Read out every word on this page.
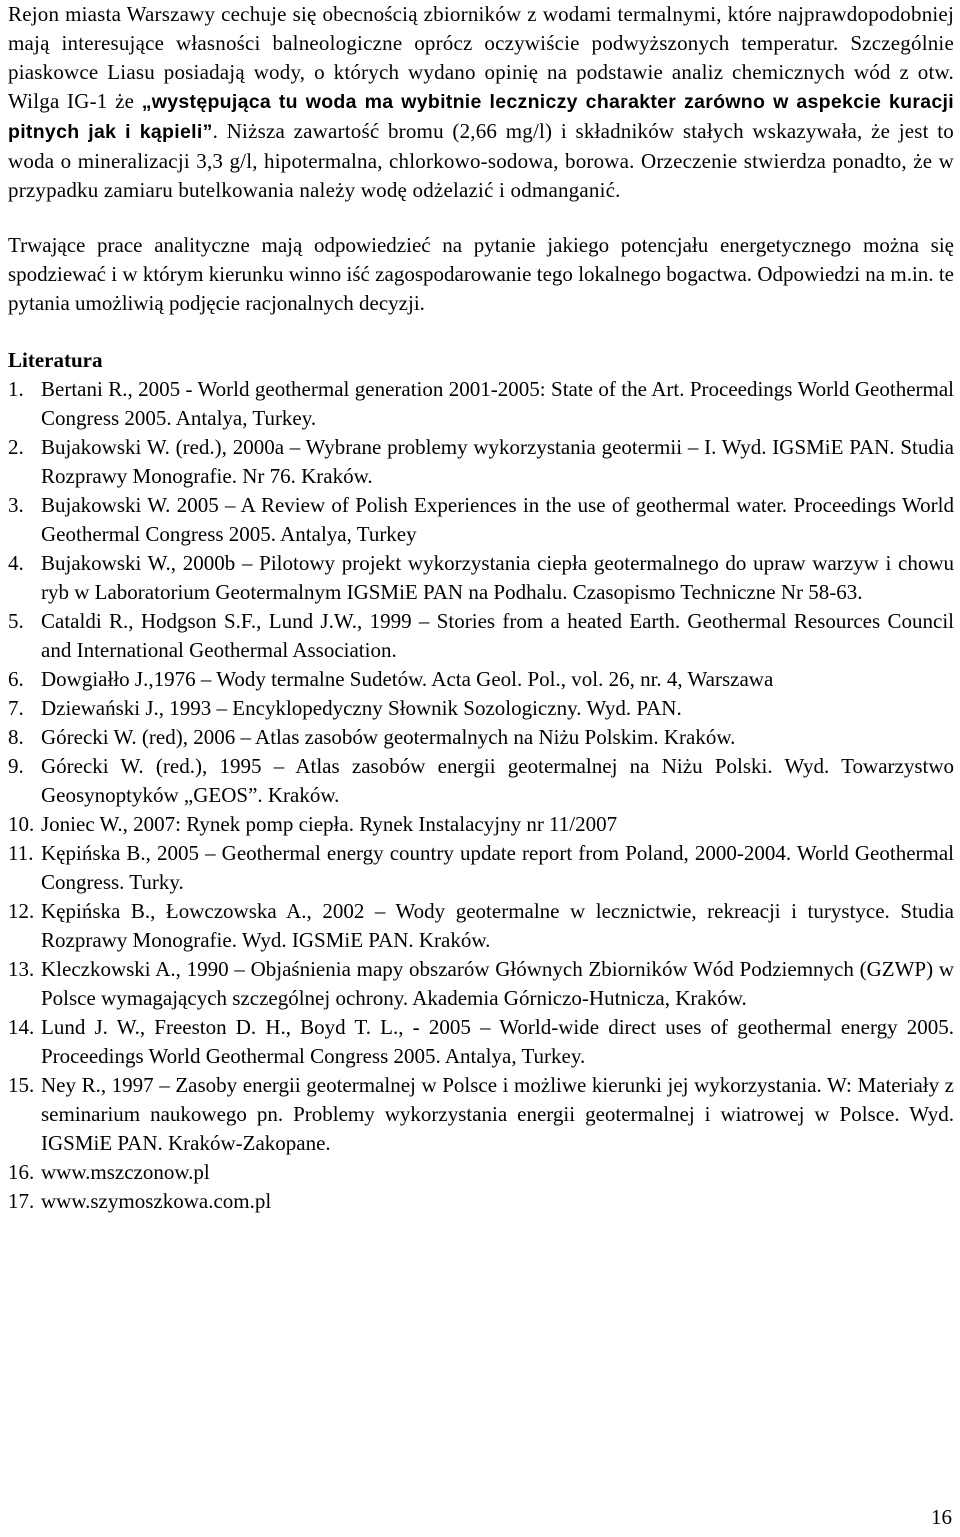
Rejon miasta Warszawy cechuje się obecnością zbiorników z wodami termalnymi, które najprawdopodobniej mają interesujące własności balneologiczne oprócz oczywiście podwyższonych temperatur. Szczególnie piaskowce Liasu posiadają wody, o których wydano opinię na podstawie analiz chemicznych wód z otw. Wilga IG-1 że „występująca tu woda ma wybitnie leczniczy charakter zarówno w aspekcie kuracji pitnych jak i kąpieli”. Niższa zawartość bromu (2,66 mg/l) i składników stałych wskazywała, że jest to woda o mineralizacji 3,3 g/l, hipotermalna, chlorkowo-sodowa, borowa. Orzeczenie stwierdza ponadto, że w przypadku zamiaru butelkowania należy wodę odżelazić i odmanganić.

Trwające prace analityczne mają odpowiedzieć na pytanie jakiego potencjału energetycznego można się spodziewać i w którym kierunku winno iść zagospodarowanie tego lokalnego bogactwa. Odpowiedzi na m.in. te pytania umożliwią podjęcie racjonalnych decyzji.

Literatura
1. Bertani R., 2005 - World geothermal generation 2001-2005: State of the Art. Proceedings World Geothermal Congress 2005. Antalya, Turkey.
2. Bujakowski W. (red.), 2000a – Wybrane problemy wykorzystania geotermii – I. Wyd. IGSMiE PAN. Studia Rozprawy Monografie. Nr 76. Kraków.
3. Bujakowski W. 2005 – A Review of Polish Experiences in the use of geothermal water. Proceedings World Geothermal Congress 2005. Antalya, Turkey
4. Bujakowski W., 2000b – Pilotowy projekt wykorzystania ciepła geotermalnego do upraw warzyw i chowu ryb w Laboratorium Geotermalnym IGSMiE PAN na Podhalu. Czasopismo Techniczne Nr 58-63.
5. Cataldi R., Hodgson S.F., Lund J.W., 1999 – Stories from a heated Earth. Geothermal Resources Council and International Geothermal Association.
6. Dowgiałło J.,1976 – Wody termalne Sudetów. Acta Geol. Pol., vol. 26, nr. 4, Warszawa
7. Dziewański J., 1993 – Encyklopedyczny Słownik Sozologiczny. Wyd. PAN.
8. Górecki W. (red), 2006 – Atlas zasobów geotermalnych na Niżu Polskim. Kraków.
9. Górecki W. (red.), 1995 – Atlas zasobów energii geotermalnej na Niżu Polski. Wyd. Towarzystwo Geosynoptyków „GEOS”. Kraków.
10. Joniec W., 2007: Rynek pomp ciepła. Rynek Instalacyjny nr 11/2007
11. Kępińska B., 2005 – Geothermal energy country update report from Poland, 2000-2004. World Geothermal Congress. Turky.
12. Kępińska B., Łowczowska A., 2002 – Wody geotermalne w lecznictwie, rekreacji i turystyce. Studia Rozprawy Monografie. Wyd. IGSMiE PAN. Kraków.
13. Kleczkowski A., 1990 – Objaśnienia mapy obszarów Głównych Zbiorników Wód Podziemnych (GZWP) w Polsce wymagających szczególnej ochrony. Akademia Górniczo-Hutnicza, Kraków.
14. Lund J. W., Freeston D. H., Boyd T. L., - 2005 – World-wide direct uses of geothermal energy 2005. Proceedings World Geothermal Congress 2005. Antalya, Turkey.
15. Ney R., 1997 – Zasoby energii geotermalnej w Polsce i możliwe kierunki jej wykorzystania. W: Materiały z seminarium naukowego pn. Problemy wykorzystania energii geotermalnej i wiatrowej w Polsce. Wyd. IGSMiE PAN. Kraków-Zakopane.
16. www.mszczonow.pl
17. www.szymoszkowa.com.pl
16
